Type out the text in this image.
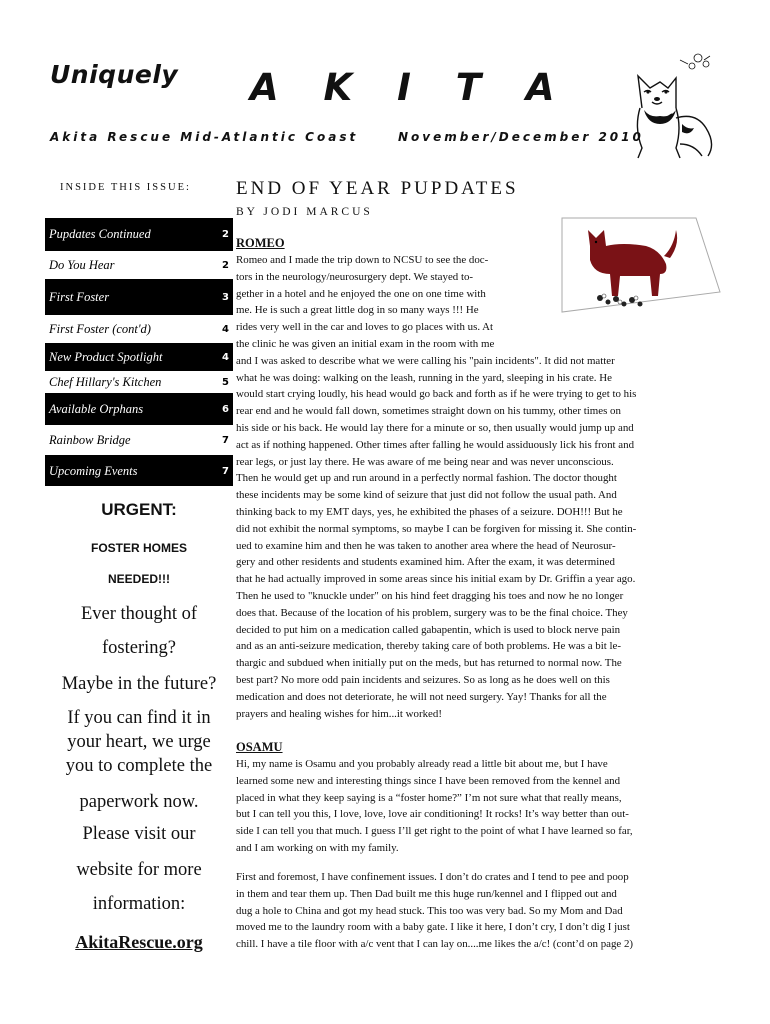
Uniquely A K I T A
Akita Rescue Mid-Atlantic Coast	November/December 2010
INSIDE THIS ISSUE:
Pupdates Continued	2
Do You Hear	2
First Foster	3
First Foster (cont'd)	4
New Product Spotlight	4
Chef Hillary's Kitchen	5
Available Orphans	6
Rainbow Bridge	7
Upcoming Events	7
URGENT:
FOSTER HOMES
NEEDED!!!
Ever thought of
fostering?
Maybe in the future?
If you can find it in
your heart, we urge
you to complete the
paperwork now.
Please visit our
website for more
information:
AkitaRescue.org
END OF YEAR PUPDATES
BY JODI MARCUS
ROMEO
Romeo and I made the trip down to NCSU to see the doc-
tors in the neurology/neurosurgery dept. We stayed to-
gether in a hotel and he enjoyed the one on one time with
me. He is such a great little dog in so many ways !!! He
rides very well in the car and loves to go places with us. At
the clinic he was given an initial exam in the room with me
and I was asked to describe what we were calling his "pain incidents". It did not matter
what he was doing: walking on the leash, running in the yard, sleeping in his crate. He
would start crying loudly, his head would go back and forth as if he were trying to get to his
rear end and he would fall down, sometimes straight down on his tummy, other times on
his side or his back. He would lay there for a minute or so, then usually would jump up and
act as if nothing happened. Other times after falling he would assiduously lick his front and
rear legs, or just lay there. He was aware of me being near and was never unconscious.
Then he would get up and run around in a perfectly normal fashion. The doctor thought
these incidents may be some kind of seizure that just did not follow the usual path. And
thinking back to my EMT days, yes, he exhibited the phases of a seizure. DOH!!! But he
did not exhibit the normal symptoms, so maybe I can be forgiven for missing it. She contin-
ued to examine him and then he was taken to another area where the head of Neurosur-
gery and other residents and students examined him. After the exam, it was determined
that he had actually improved in some areas since his initial exam by Dr. Griffin a year ago.
Then he used to "knuckle under" on his hind feet dragging his toes and now he no longer
does that. Because of the location of his problem, surgery was to be the final choice. They
decided to put him on a medication called gabapentin, which is used to block nerve pain
and as an anti-seizure medication, thereby taking care of both problems. He was a bit le-
thargic and subdued when initially put on the meds, but has returned to normal now. The
best part? No more odd pain incidents and seizures. So as long as he does well on this
medication and does not deteriorate, he will not need surgery. Yay! Thanks for all the
prayers and healing wishes for him...it worked!
OSAMU
Hi, my name is Osamu and you probably already read a little bit about me, but I have
learned some new and interesting things since I have been removed from the kennel and
placed in what they keep saying is a “foster home?” I’m not sure what that really means,
but I can tell you this, I love, love, love air conditioning! It rocks! It’s way better than out-
side I can tell you that much. I guess I’ll get right to the point of what I have learned so far,
and I am working on with my family.
First and foremost, I have confinement issues. I don’t do crates and I tend to pee and poop
in them and tear them up. Then Dad built me this huge run/kennel and I flipped out and
dug a hole to China and got my head stuck. This too was very bad. So my Mom and Dad
moved me to the laundry room with a baby gate. I like it here, I don’t cry, I don’t dig I just
chill. I have a tile floor with a/c vent that I can lay on....me likes the a/c! (cont’d on page 2)
